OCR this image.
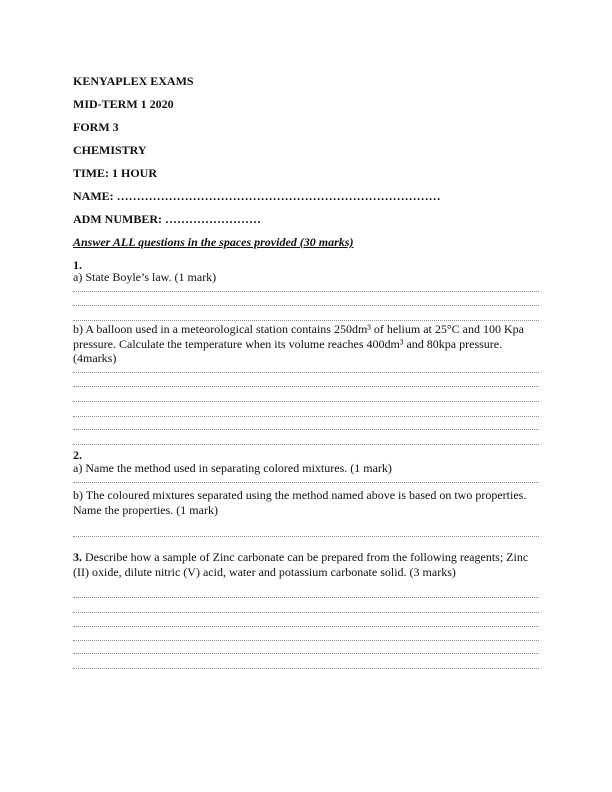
KENYAPLEX EXAMS
MID-TERM 1 2020
FORM 3
CHEMISTRY
TIME: 1 HOUR
NAME: ………………………………………………………………………
ADM NUMBER: ……………………
Answer ALL questions in the spaces provided (30 marks)
1.
a) State Boyle’s law. (1 mark)
b) A balloon used in a meteorological station contains 250dm³ of helium at 25°C and 100 Kpa pressure. Calculate the temperature when its volume reaches 400dm³ and 80kpa pressure. (4marks)
2.
a) Name the method used in separating colored mixtures. (1 mark)
b) The coloured mixtures separated using the method named above is based on two properties. Name the properties. (1 mark)
3. Describe how a sample of Zinc carbonate can be prepared from the following reagents; Zinc (II) oxide, dilute nitric (V) acid, water and potassium carbonate solid. (3 marks)
